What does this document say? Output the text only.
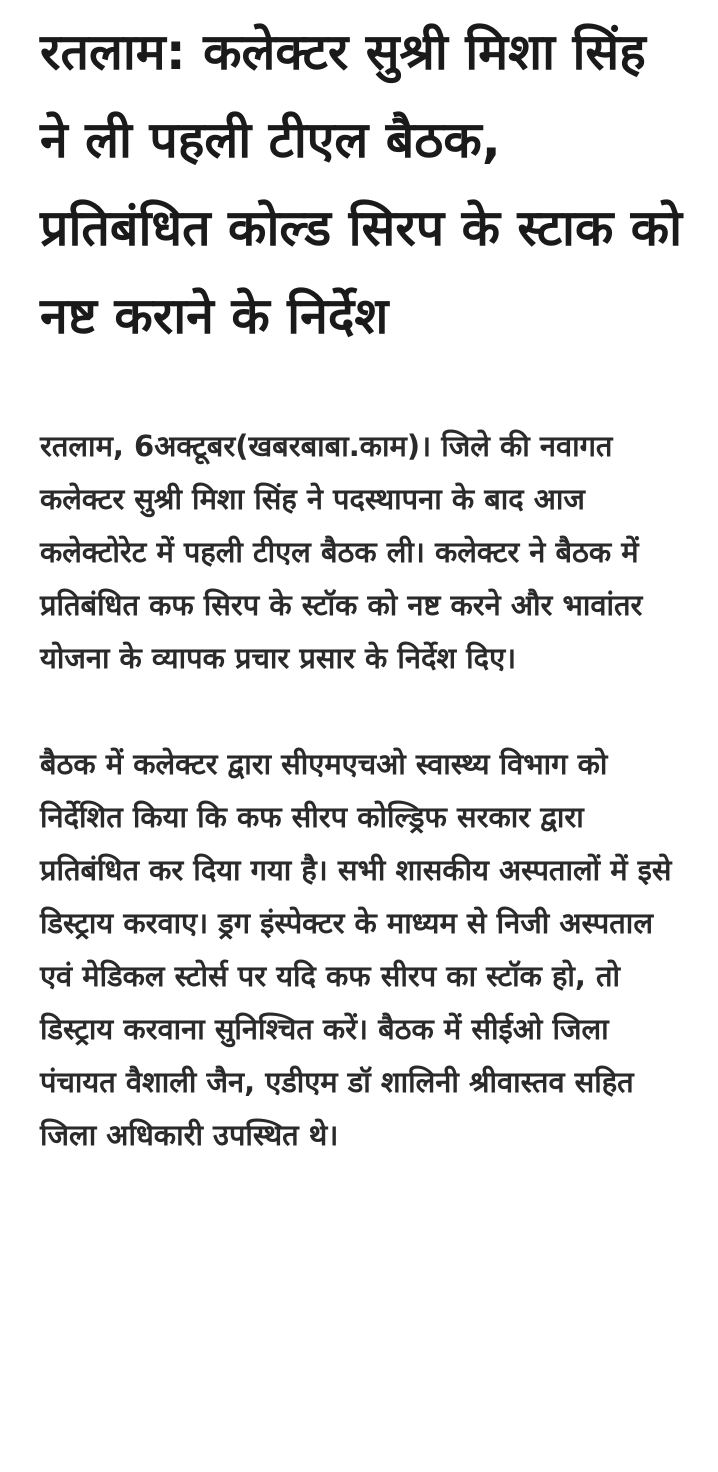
रतलाम: कलेक्टर सुश्री मिशा सिंह ने ली पहली टीएल बैठक, प्रतिबंधित कोल्ड सिरप के स्टाक को नष्ट कराने के निर्देश

रतलाम, 6अक्टूबर(खबरबाबा.काम)। जिले की नवागत कलेक्टर सुश्री मिशा सिंह ने पदस्थापना के बाद आज कलेक्टोरेट में पहली टीएल बैठक ली। कलेक्टर ने बैठक में प्रतिबंधित कफ सिरप के स्टॉक को नष्ट करने और भावांतर योजना के व्यापक प्रचार प्रसार के निर्देश दिए।

बैठक में कलेक्टर द्वारा सीएमएचओ स्वास्थ्य विभाग को निर्देशित किया कि कफ सीरप कोल्ड्रिफ सरकार द्वारा प्रतिबंधित कर दिया गया है। सभी शासकीय अस्पतालों में इसे डिस्ट्राय करवाए। ड्रग इंस्पेक्टर के माध्यम से निजी अस्पताल एवं मेडिकल स्टोर्स पर यदि कफ सीरप का स्टॉक हो, तो डिस्ट्राय करवाना सुनिश्चित करें। बैठक में सीईओ जिला पंचायत वैशाली जैन, एडीएम डॉ शालिनी श्रीवास्तव सहित जिला अधिकारी उपस्थित थे।
